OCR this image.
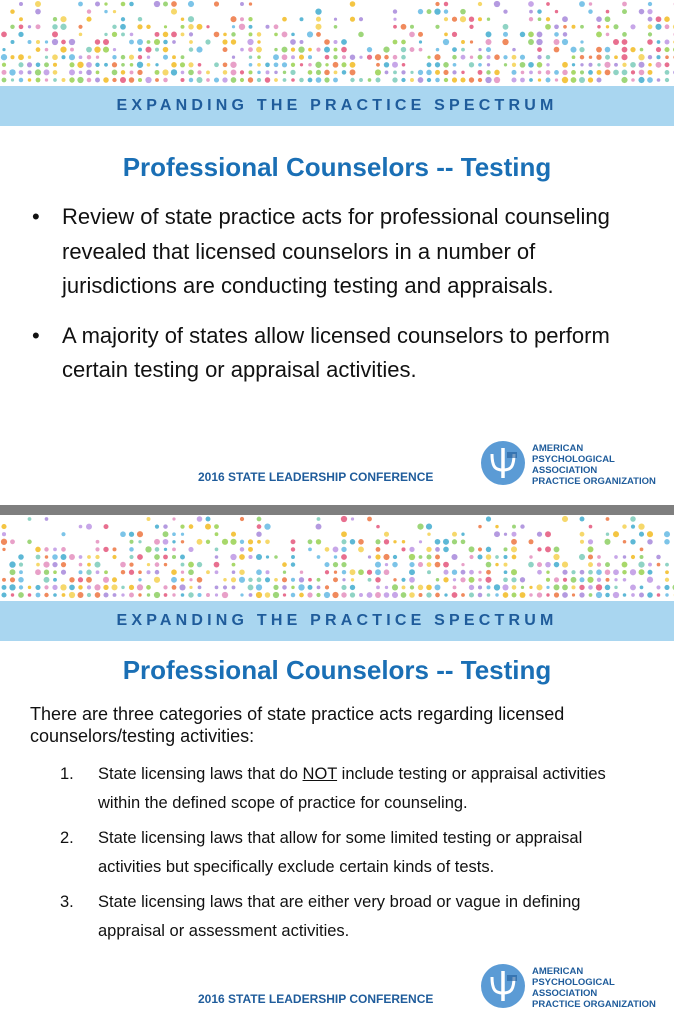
EXPANDING THE PRACTICE SPECTRUM
Professional Counselors -- Testing
• Review of state practice acts for professional counseling revealed that licensed counselors in a number of jurisdictions are conducting testing and appraisals.
• A majority of states allow licensed counselors to perform certain testing or appraisal activities.
2016 STATE LEADERSHIP CONFERENCE
AMERICAN
PSYCHOLOGICAL
ASSOCIATION
PRACTICE ORGANIZATION
EXPANDING THE PRACTICE SPECTRUM
Professional Counselors -- Testing
There are three categories of state practice acts regarding licensed counselors/testing activities:
1. State licensing laws that do NOT include testing or appraisal activities within the defined scope of practice for counseling.
2. State licensing laws that allow for some limited testing or appraisal activities but specifically exclude certain kinds of tests.
3. State licensing laws that are either very broad or vague in defining appraisal or assessment activities.
2016 STATE LEADERSHIP CONFERENCE
AMERICAN
PSYCHOLOGICAL
ASSOCIATION
PRACTICE ORGANIZATION
